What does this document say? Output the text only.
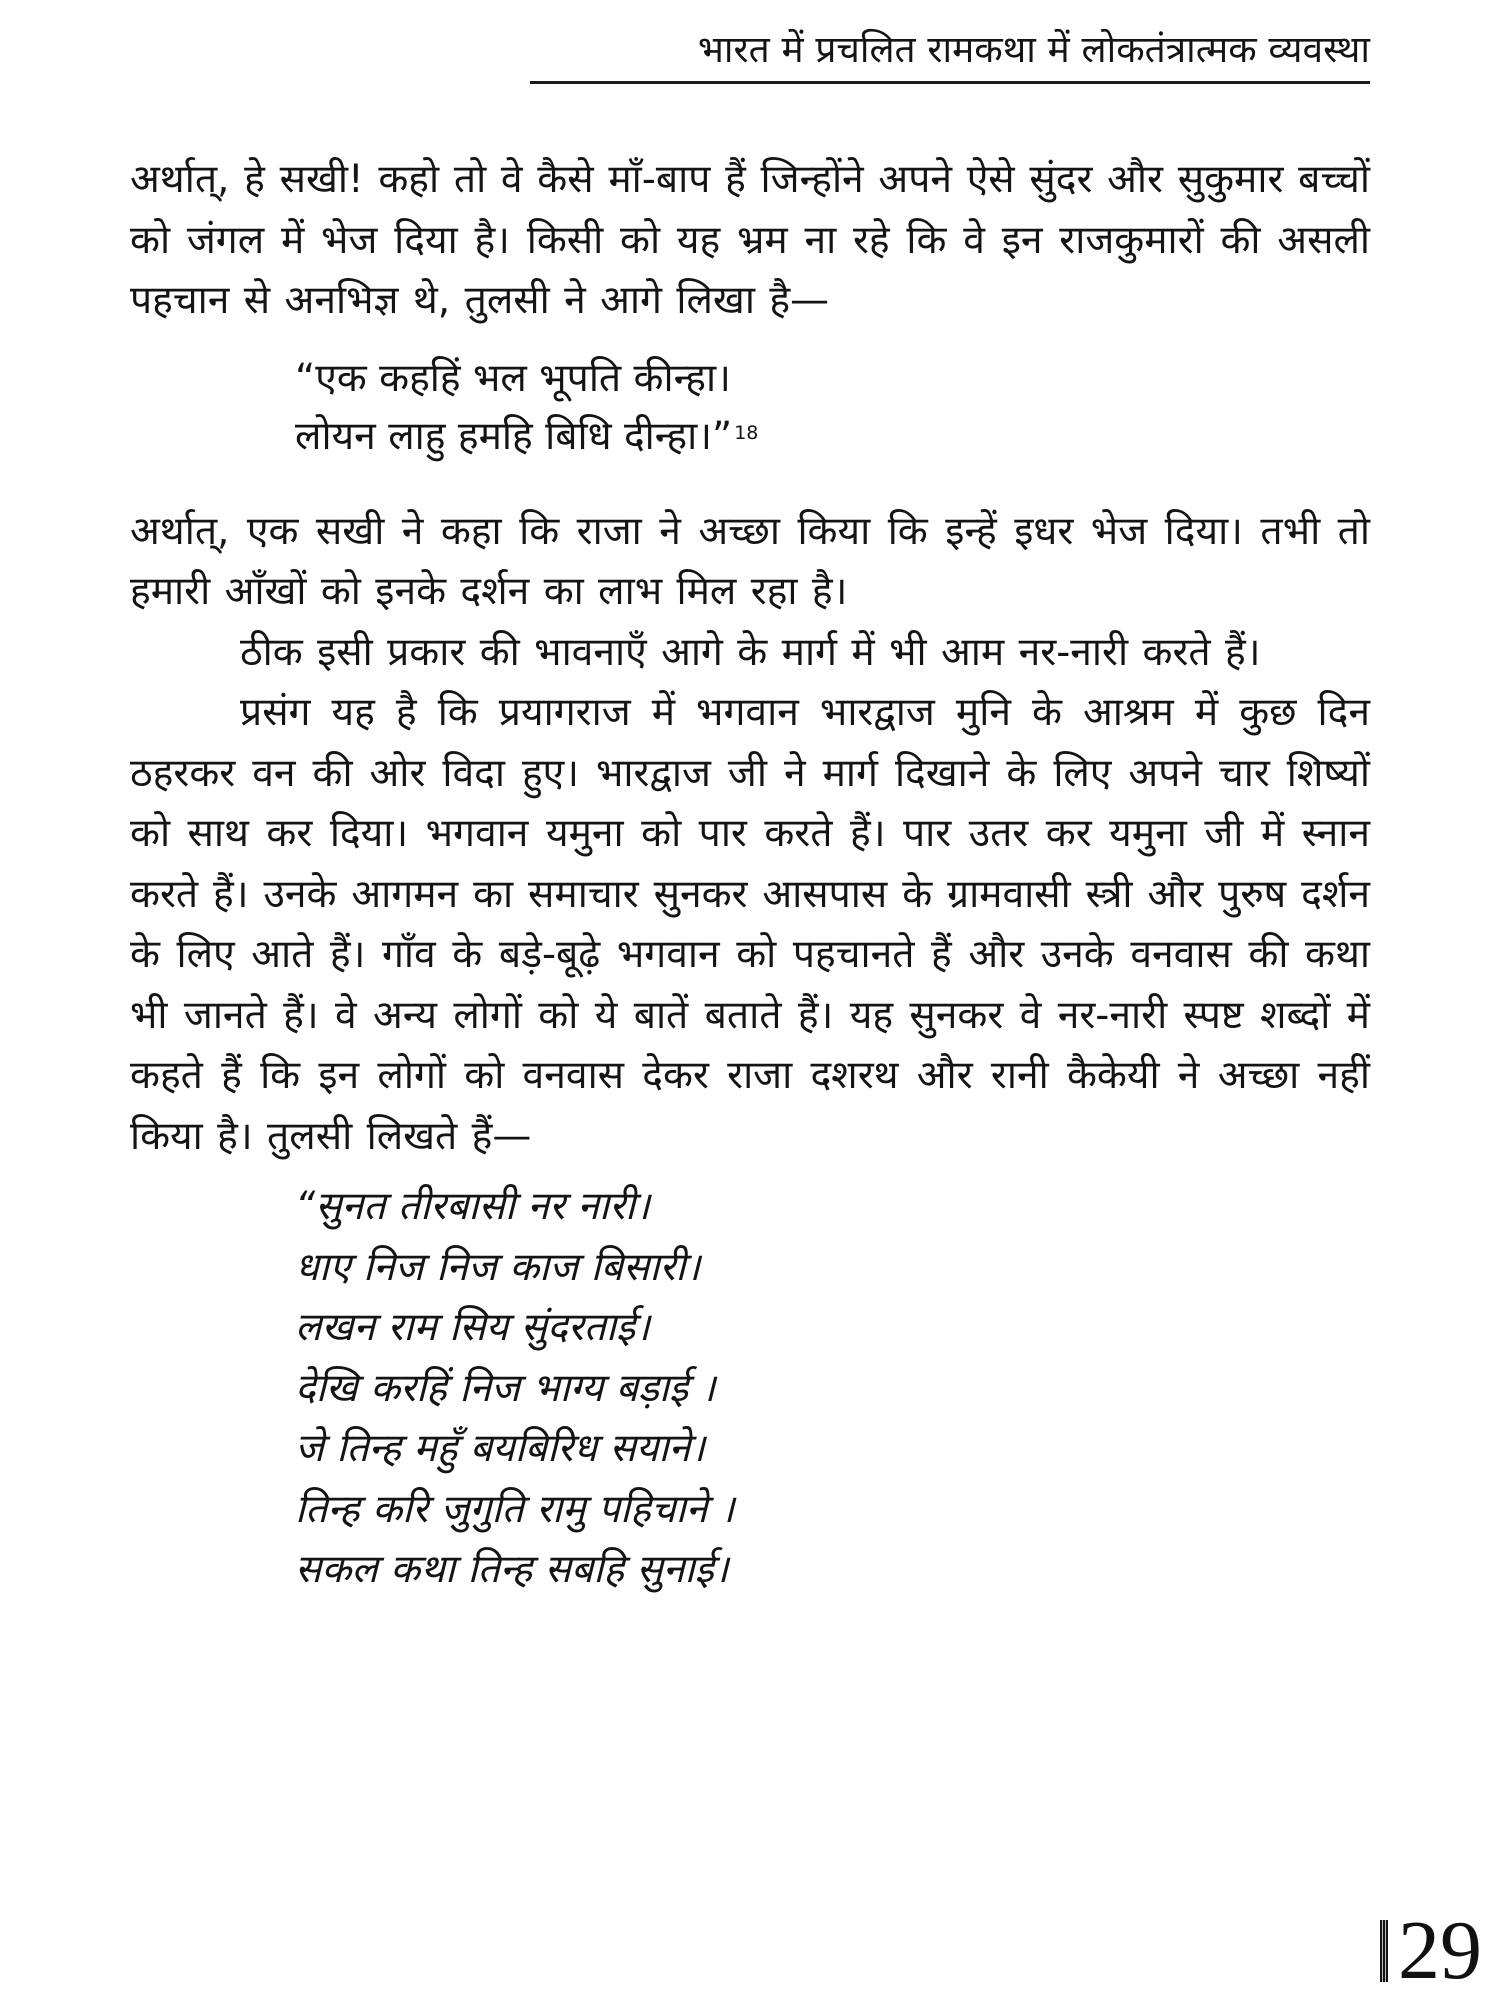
भारत में प्रचलित रामकथा में लोकतंत्रात्मक व्यवस्था

अर्थात्, हे सखी! कहो तो वे कैसे माँ-बाप हैं जिन्होंने अपने ऐसे सुंदर और सुकुमार बच्चों को जंगल में भेज दिया है। किसी को यह भ्रम ना रहे कि वे इन राजकुमारों की असली पहचान से अनभिज्ञ थे, तुलसी ने आगे लिखा है—

“एक कहहिं भल भूपति कीन्हा।
लोयन लाहु हमहि बिधि दीन्हा।” $^{18}$

अर्थात्, एक सखी ने कहा कि राजा ने अच्छा किया कि इन्हें इधर भेज दिया। तभी तो हमारी आँखों को इनके दर्शन का लाभ मिल रहा है।

ठीक इसी प्रकार की भावनाएँ आगे के मार्ग में भी आम नर-नारी करते हैं।

प्रसंग यह है कि प्रयागराज में भगवान भारद्वाज मुनि के आश्रम में कुछ दिन ठहरकर वन की ओर विदा हुए। भारद्वाज जी ने मार्ग दिखाने के लिए अपने चार शिष्यों को साथ कर दिया। भगवान यमुना को पार करते हैं। पार उतर कर यमुना जी में स्नान करते हैं। उनके आगमन का समाचार सुनकर आसपास के ग्रामवासी स्त्री और पुरुष दर्शन के लिए आते हैं। गाँव के बड़े-बूढ़े भगवान को पहचानते हैं और उनके वनवास की कथा भी जानते हैं। वे अन्य लोगों को ये बातें बताते हैं। यह सुनकर वे नर-नारी स्पष्ट शब्दों में कहते हैं कि इन लोगों को वनवास देकर राजा दशरथ और रानी कैकेयी ने अच्छा नहीं किया है। तुलसी लिखते हैं—

“सुनत तीरबासी नर नारी।
धाए निज निज काज बिसारी।
लखन राम सिय सुंदरताई।
देखि करहिं निज भाग्य बड़ाई ।
जे तिन्ह महुँ बयबिरिध सयाने।
तिन्ह करि जुगुति रामु पहिचाने ।
सकल कथा तिन्ह सबहि सुनाई।
29
